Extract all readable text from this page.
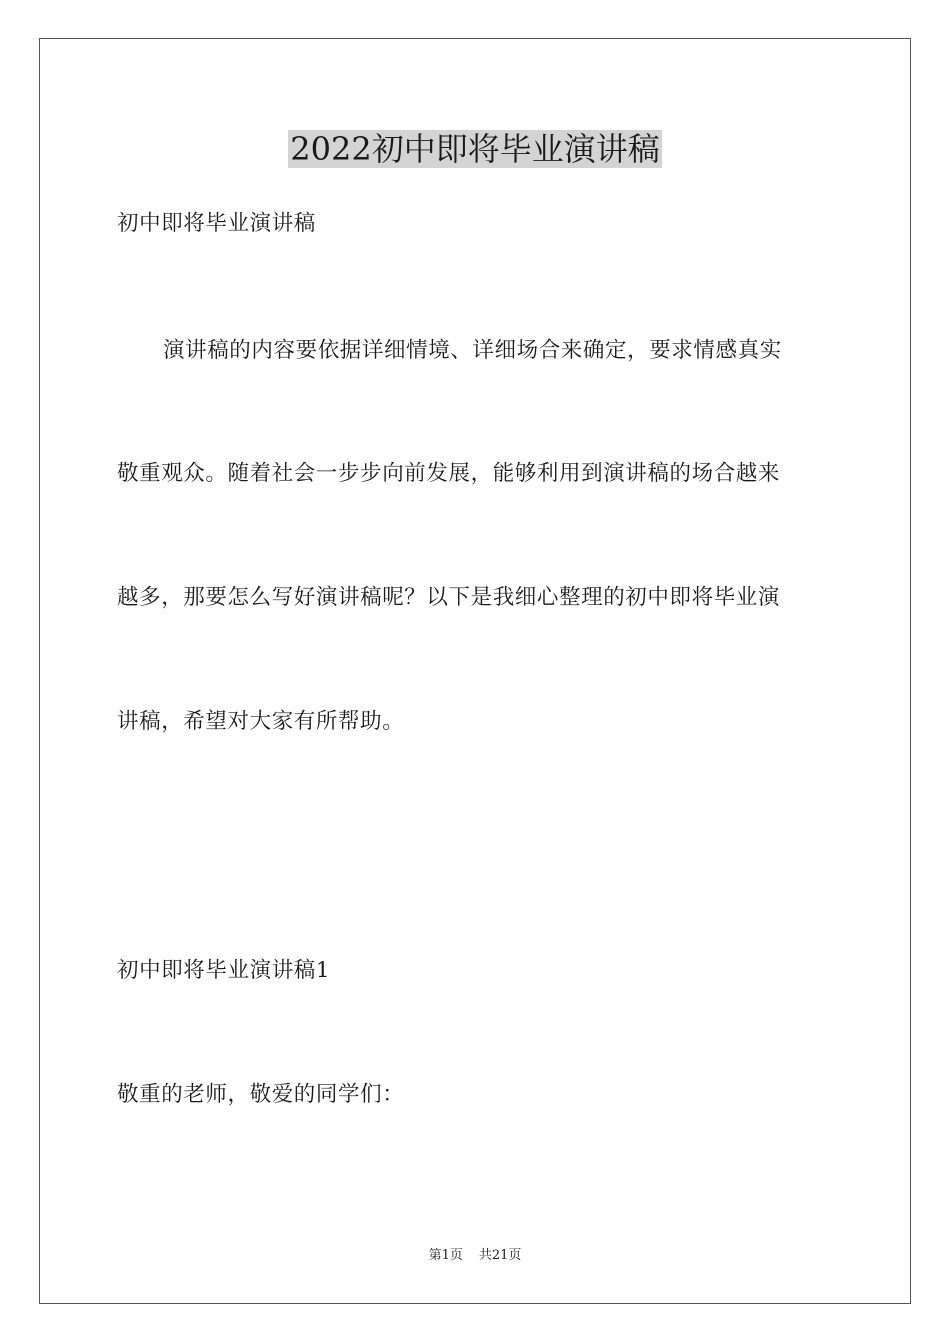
2022初中即将毕业演讲稿
初中即将毕业演讲稿
演讲稿的内容要依据详细情境、详细场合来确定，要求情感真实
敬重观众。随着社会一步步向前发展，能够利用到演讲稿的场合越来
越多，那要怎么写好演讲稿呢？以下是我细心整理的初中即将毕业演
讲稿，希望对大家有所帮助。
初中即将毕业演讲稿1
敬重的老师，敬爱的同学们：
第1页 共21页
